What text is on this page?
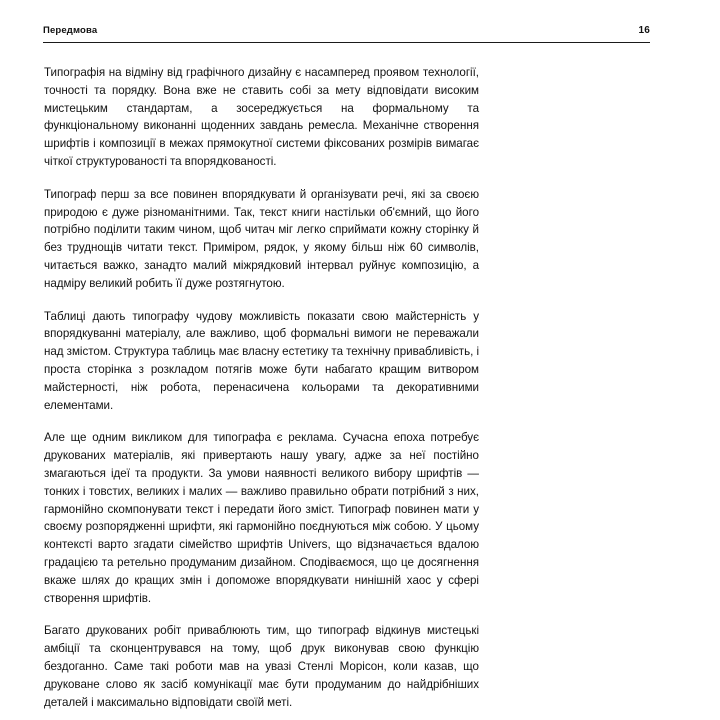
Передмова	16

Типографія на відміну від графічного дизайну є насамперед проявом технології, точності та порядку. Вона вже не ставить собі за мету відповідати високим мистецьким стандартам, а зосереджується на формальному та функціональному виконанні щоденних завдань ремесла. Механічне створення шрифтів і композиції в межах прямокутної системи фіксованих розмірів вимагає чіткої структурованості та впорядкованості.

Типограф перш за все повинен впорядкувати й організувати речі, які за своєю природою є дуже різноманітними. Так, текст книги настільки об'ємний, що його потрібно поділити таким чином, щоб читач міг легко сприймати кожну сторінку й без труднощів читати текст. Приміром, рядок, у якому більш ніж 60 символів, читається важко, занадто малий міжрядковий інтервал руйнує композицію, а надміру великий робить її дуже розтягнутою.

Таблиці дають типографу чудову можливість показати свою майстерність у впорядкуванні матеріалу, але важливо, щоб формальні вимоги не переважали над змістом. Структура таблиць має власну естетику та технічну привабливість, і проста сторінка з розкладом потягів може бути набагато кращим витвором майстерності, ніж робота, перенасичена кольорами та декоративними елементами.

Але ще одним викликом для типографа є реклама. Сучасна епоха потребує друкованих матеріалів, які привертають нашу увагу, адже за неї постійно змагаються ідеї та продукти. За умови наявності великого вибору шрифтів — тонких і товстих, великих і малих — важливо правильно обрати потрібний з них, гармонійно скомпонувати текст і передати його зміст. Типограф повинен мати у своєму розпорядженні шрифти, які гармонійно поєднуються між собою. У цьому контексті варто згадати сімейство шрифтів Univers, що відзначається вдалою градацією та ретельно продуманим дизайном. Сподіваємося, що це досягнення вкаже шлях до кращих змін і допоможе впорядкувати нинішній хаос у сфері створення шрифтів.

Багато друкованих робіт приваблюють тим, що типограф відкинув мистецькі амбіції та сконцентрувався на тому, щоб друк виконував свою функцію бездоганно. Саме такі роботи мав на увазі Стенлі Морісон, коли казав, що друковане слово як засіб комунікації має бути продуманим до найдрібніших деталей і максимально відповідати своїй меті.
